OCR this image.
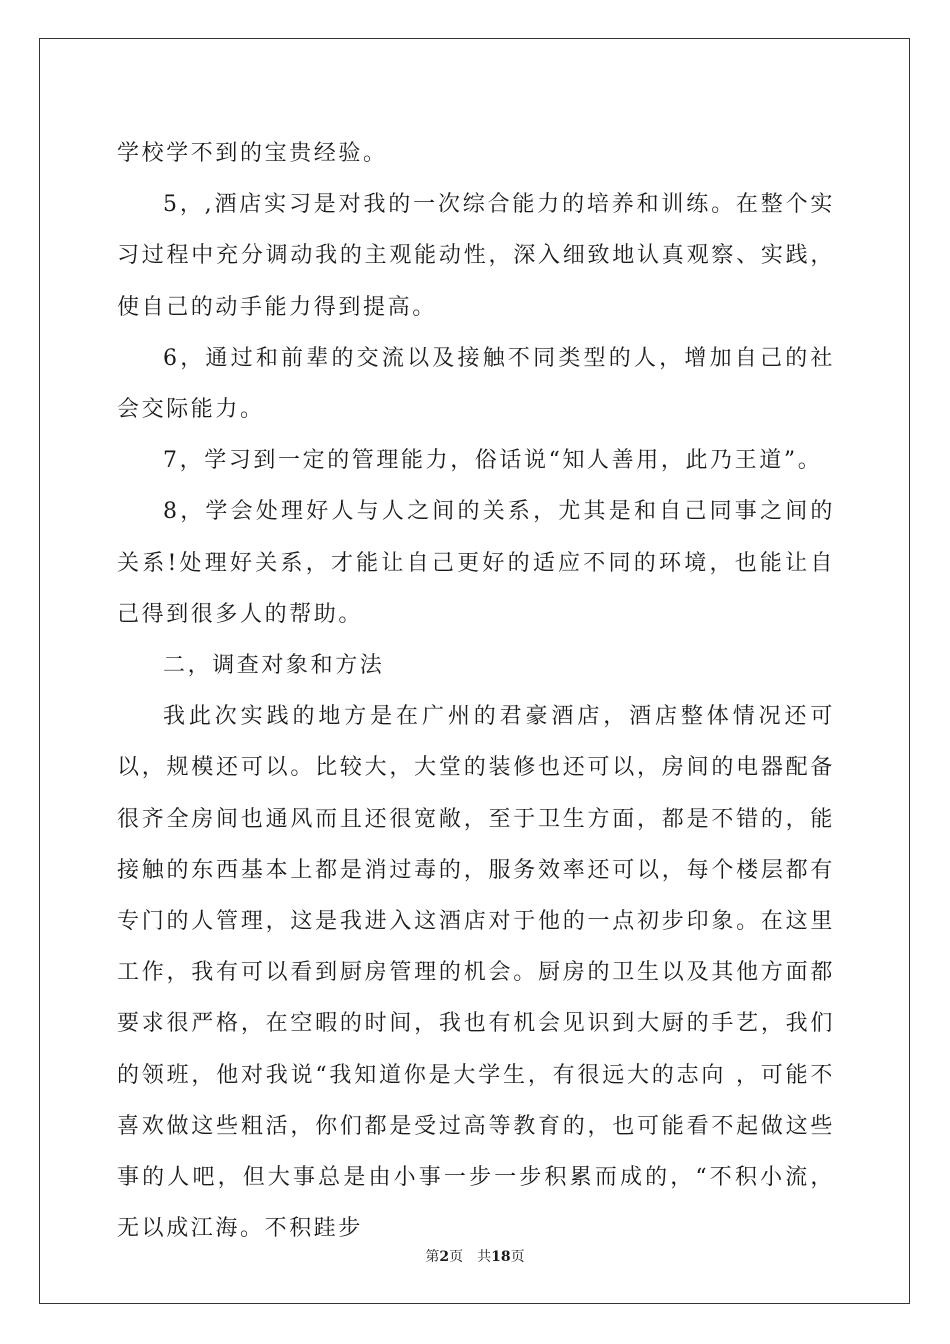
学校学不到的宝贵经验。

5，,酒店实习是对我的一次综合能力的培养和训练。在整个实习过程中充分调动我的主观能动性，深入细致地认真观察、实践，使自己的动手能力得到提高。

6，通过和前辈的交流以及接触不同类型的人，增加自己的社会交际能力。

7，学习到一定的管理能力，俗话说“知人善用，此乃王道”。

8，学会处理好人与人之间的关系，尤其是和自己同事之间的关系!处理好关系，才能让自己更好的适应不同的环境，也能让自己得到很多人的帮助。

二，调查对象和方法

我此次实践的地方是在广州的君豪酒店，酒店整体情况还可以，规模还可以。比较大，大堂的装修也还可以，房间的电器配备很齐全房间也通风而且还很宽敞，至于卫生方面，都是不错的，能接触的东西基本上都是消过毒的，服务效率还可以，每个楼层都有专门的人管理，这是我进入这酒店对于他的一点初步印象。在这里工作，我有可以看到厨房管理的机会。厨房的卫生以及其他方面都要求很严格，在空暇的时间，我也有机会见识到大厨的手艺，我们的领班，他对我说“我知道你是大学生，有很远大的志向 ，可能不喜欢做这些粗活，你们都是受过高等教育的，也可能看不起做这些事的人吧，但大事总是由小事一步一步积累而成的，“不积小流，无以成江海。不积跬步

第2页 共18页
